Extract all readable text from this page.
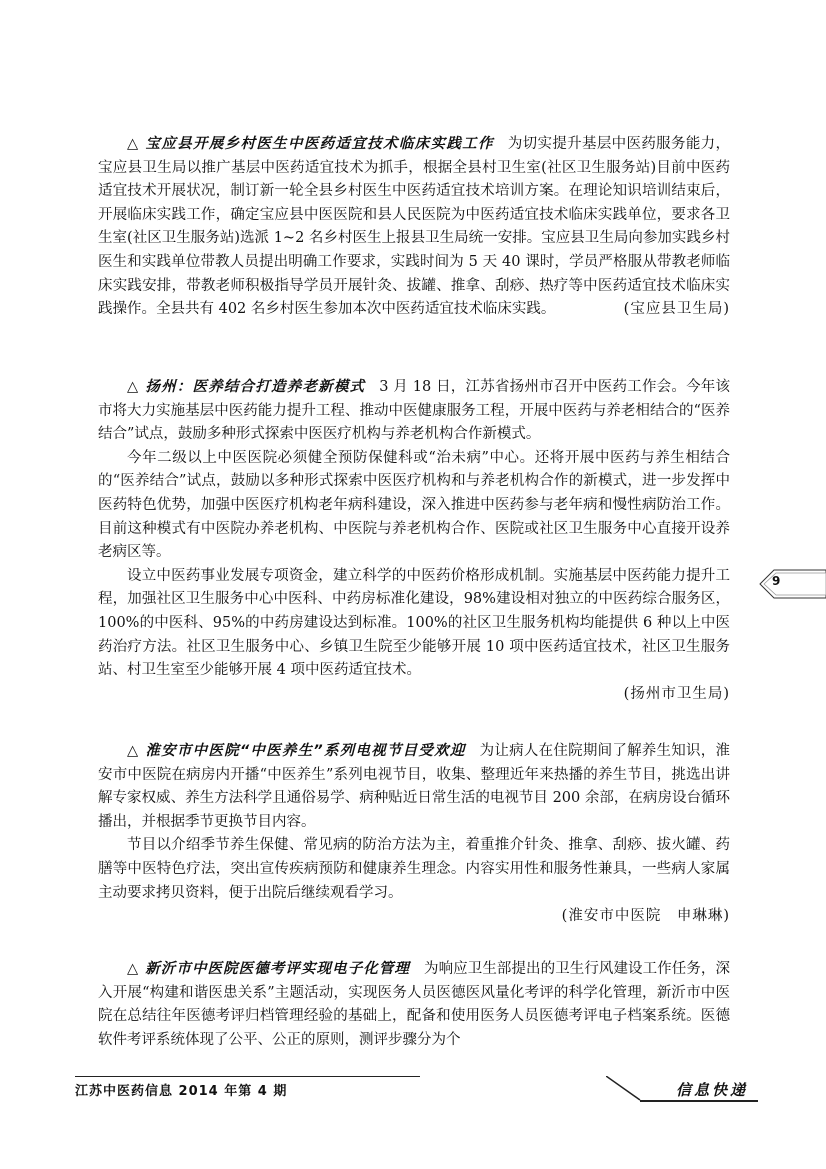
△ 宝应县开展乡村医生中医药适宜技术临床实践工作 为切实提升基层中医药服务能力，宝应县卫生局以推广基层中医药适宜技术为抓手，根据全县村卫生室(社区卫生服务站)目前中医药适宜技术开展状况，制订新一轮全县乡村医生中医药适宜技术培训方案。在理论知识培训结束后，开展临床实践工作，确定宝应县中医医院和县人民医院为中医药适宜技术临床实践单位，要求各卫生室(社区卫生服务站)选派 1~2 名乡村医生上报县卫生局统一安排。宝应县卫生局向参加实践乡村医生和实践单位带教人员提出明确工作要求，实践时间为 5 天 40 课时，学员严格服从带教老师临床实践安排，带教老师积极指导学员开展针灸、拔罐、推拿、刮痧、热疗等中医药适宜技术临床实践操作。全县共有 402 名乡村医生参加本次中医药适宜技术临床实践。	(宝应县卫生局)

△ 扬州：医养结合打造养老新模式 3 月 18 日，江苏省扬州市召开中医药工作会。今年该市将大力实施基层中医药能力提升工程、推动中医健康服务工程，开展中医药与养老相结合的“医养结合”试点，鼓励多种形式探索中医医疗机构与养老机构合作新模式。

今年二级以上中医医院必须健全预防保健科或“治未病”中心。还将开展中医药与养生相结合的“医养结合”试点，鼓励以多种形式探索中医医疗机构和与养老机构合作的新模式，进一步发挥中医药特色优势，加强中医医疗机构老年病科建设，深入推进中医药参与老年病和慢性病防治工作。目前这种模式有中医院办养老机构、中医院与养老机构合作、医院或社区卫生服务中心直接开设养老病区等。

设立中医药事业发展专项资金，建立科学的中医药价格形成机制。实施基层中医药能力提升工程，加强社区卫生服务中心中医科、中药房标准化建设，98%建设相对独立的中医药综合服务区，100%的中医科、95%的中药房建设达到标准。100%的社区卫生服务机构均能提供 6 种以上中医药治疗方法。社区卫生服务中心、乡镇卫生院至少能够开展 10 项中医药适宜技术，社区卫生服务站、村卫生室至少能够开展 4 项中医药适宜技术。

(扬州市卫生局)

△ 淮安市中医院“中医养生”系列电视节目受欢迎 为让病人在住院期间了解养生知识，淮安市中医院在病房内开播“中医养生”系列电视节目，收集、整理近年来热播的养生节目，挑选出讲解专家权威、养生方法科学且通俗易学、病种贴近日常生活的电视节目 200 余部，在病房设台循环播出，并根据季节更换节目内容。

节目以介绍季节养生保健、常见病的防治方法为主，着重推介针灸、推拿、刮痧、拔火罐、药膳等中医特色疗法，突出宣传疾病预防和健康养生理念。内容实用性和服务性兼具，一些病人家属主动要求拷贝资料，便于出院后继续观看学习。

(淮安市中医院　申琳琳)

△ 新沂市中医院医德考评实现电子化管理 为响应卫生部提出的卫生行风建设工作任务，深入开展“构建和谐医患关系”主题活动，实现医务人员医德医风量化考评的科学化管理，新沂市中医院在总结往年医德考评归档管理经验的基础上，配备和使用医务人员医德考评电子档案系统。医德软件考评系统体现了公平、公正的原则，测评步骤分为个

9
江苏中医药信息 2014 年第 4 期	信息快递
